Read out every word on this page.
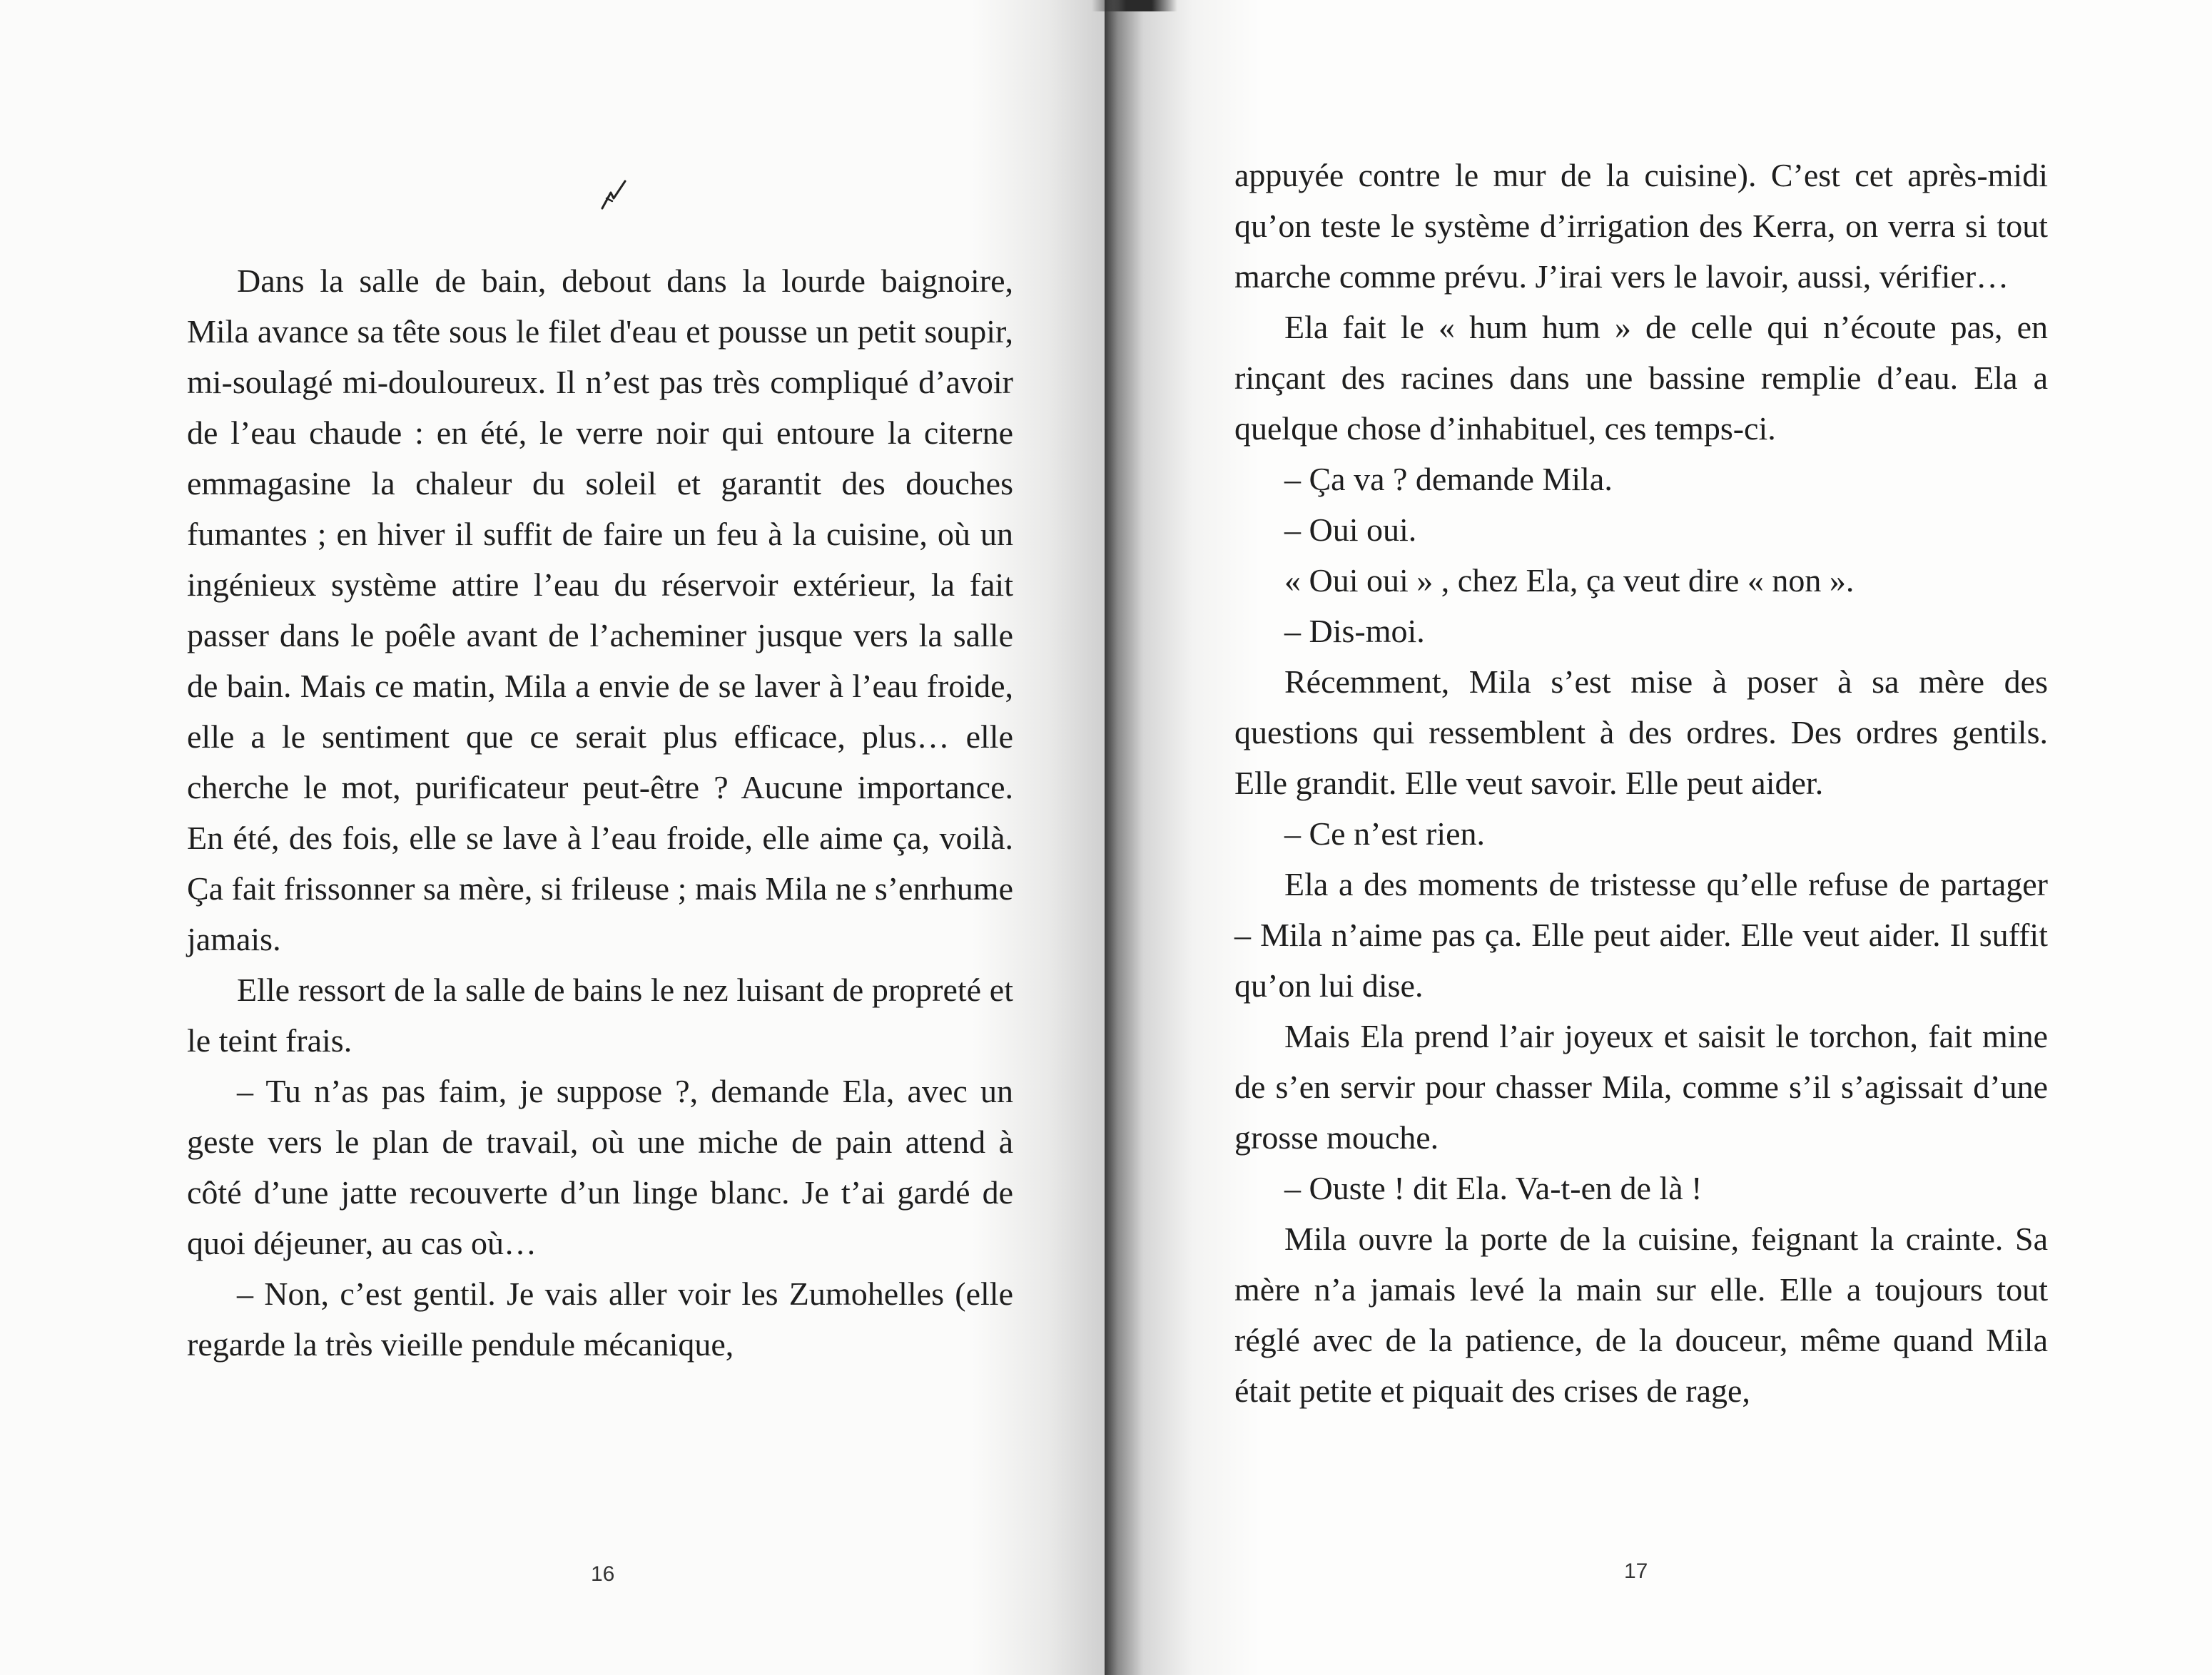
Dans la salle de bain, debout dans la lourde baignoire, Mila avance sa tête sous le filet d'eau et pousse un petit soupir, mi-soulagé mi-douloureux. Il n’est pas très compliqué d’avoir de l’eau chaude : en été, le verre noir qui entoure la citerne emmagasine la chaleur du soleil et garantit des douches fumantes ; en hiver il suffit de faire un feu à la cuisine, où un ingénieux système attire l’eau du réservoir extérieur, la fait passer dans le poêle avant de l’acheminer jusque vers la salle de bain. Mais ce matin, Mila a envie de se laver à l’eau froide, elle a le sentiment que ce serait plus efficace, plus… elle cherche le mot, purificateur peut-être ? Aucune importance. En été, des fois, elle se lave à l’eau froide, elle aime ça, voilà. Ça fait frissonner sa mère, si frileuse ; mais Mila ne s’enrhume jamais.

Elle ressort de la salle de bains le nez luisant de propreté et le teint frais.

– Tu n’as pas faim, je suppose ?, demande Ela, avec un geste vers le plan de travail, où une miche de pain attend à côté d’une jatte recouverte d’un linge blanc. Je t’ai gardé de quoi déjeuner, au cas où…

– Non, c’est gentil. Je vais aller voir les Zumohelles (elle regarde la très vieille pendule mécanique,

16

appuyée contre le mur de la cuisine). C’est cet après-midi qu’on teste le système d’irrigation des Kerra, on verra si tout marche comme prévu. J’irai vers le lavoir, aussi, vérifier…

Ela fait le « hum hum » de celle qui n’écoute pas, en rinçant des racines dans une bassine remplie d’eau. Ela a quelque chose d’inhabituel, ces temps-ci.

– Ça va ? demande Mila.

– Oui oui.

« Oui oui » , chez Ela, ça veut dire « non ».

– Dis-moi.

Récemment, Mila s’est mise à poser à sa mère des questions qui ressemblent à des ordres. Des ordres gentils. Elle grandit. Elle veut savoir. Elle peut aider.

– Ce n’est rien.

Ela a des moments de tristesse qu’elle refuse de partager – Mila n’aime pas ça. Elle peut aider. Elle veut aider. Il suffit qu’on lui dise.

Mais Ela prend l’air joyeux et saisit le torchon, fait mine de s’en servir pour chasser Mila, comme s’il s’agissait d’une grosse mouche.

– Ouste ! dit Ela. Va-t-en de là !

Mila ouvre la porte de la cuisine, feignant la crainte. Sa mère n’a jamais levé la main sur elle. Elle a toujours tout réglé avec de la patience, de la douceur, même quand Mila était petite et piquait des crises de rage,

17
